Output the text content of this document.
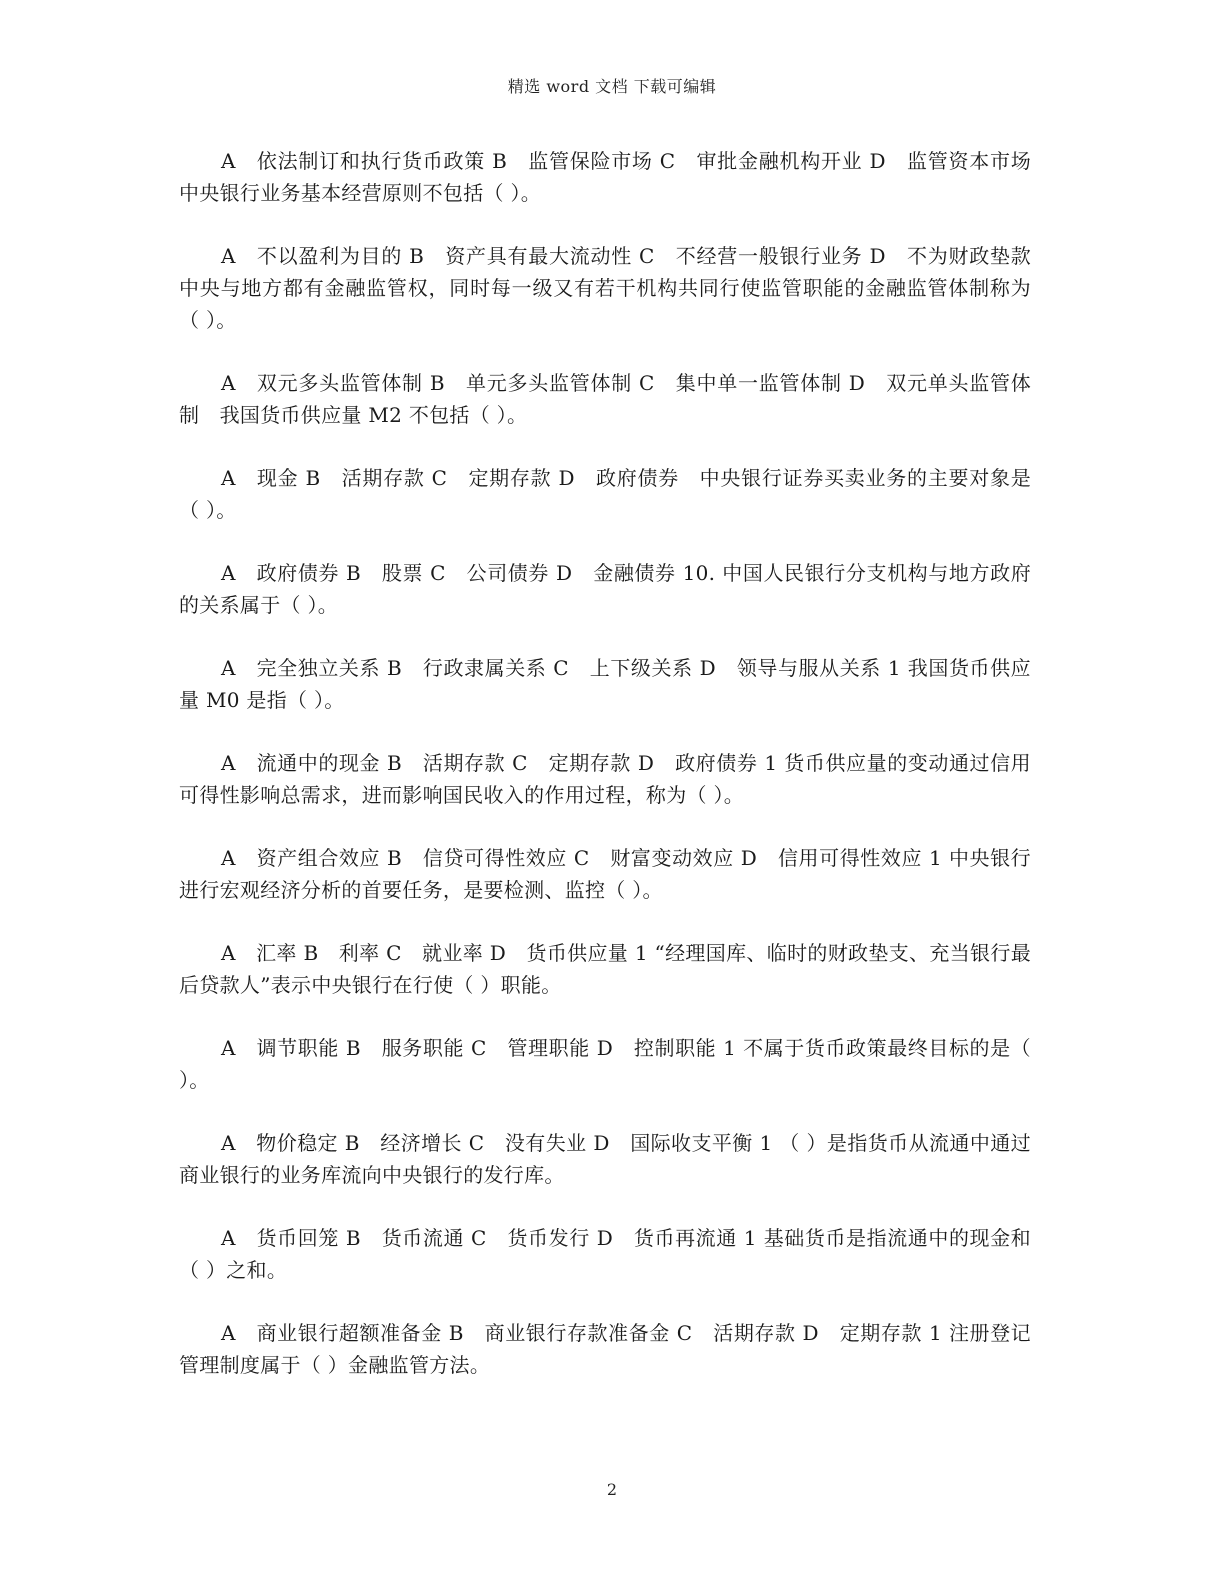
精选 word 文档 下载可编辑

A　依法制订和执行货币政策 B　监管保险市场 C　审批金融机构开业 D　监管资本市场　中央银行业务基本经营原则不包括（ ）。

A　不以盈利为目的 B　资产具有最大流动性 C　不经营一般银行业务 D　不为财政垫款　中央与地方都有金融监管权，同时每一级又有若干机构共同行使监管职能的金融监管体制称为（ ）。

A　双元多头监管体制 B　单元多头监管体制 C　集中单一监管体制 D　双元单头监管体制　我国货币供应量 M2 不包括（ ）。

A　现金 B　活期存款 C　定期存款 D　政府债券　中央银行证券买卖业务的主要对象是（ ）。

A　政府债券 B　股票 C　公司债券 D　金融债券 10. 中国人民银行分支机构与地方政府的关系属于（ ）。

A　完全独立关系 B　行政隶属关系 C　上下级关系 D　领导与服从关系 1 我国货币供应量 M0 是指（ ）。

A　流通中的现金 B　活期存款 C　定期存款 D　政府债券 1 货币供应量的变动通过信用可得性影响总需求，进而影响国民收入的作用过程，称为（ ）。

A　资产组合效应 B　信贷可得性效应 C　财富变动效应 D　信用可得性效应 1 中央银行进行宏观经济分析的首要任务，是要检测、监控（ ）。

A　汇率 B　利率 C　就业率 D　货币供应量 1 “经理国库、临时的财政垫支、充当银行最后贷款人”表示中央银行在行使（ ）职能。

A　调节职能 B　服务职能 C　管理职能 D　控制职能 1 不属于货币政策最终目标的是（ ）。

A　物价稳定 B　经济增长 C　没有失业 D　国际收支平衡 1 （ ）是指货币从流通中通过商业银行的业务库流向中央银行的发行库。

A　货币回笼 B　货币流通 C　货币发行 D　货币再流通 1 基础货币是指流通中的现金和（ ）之和。

A　商业银行超额准备金 B　商业银行存款准备金 C　活期存款 D　定期存款 1 注册登记管理制度属于（ ）金融监管方法。

2
